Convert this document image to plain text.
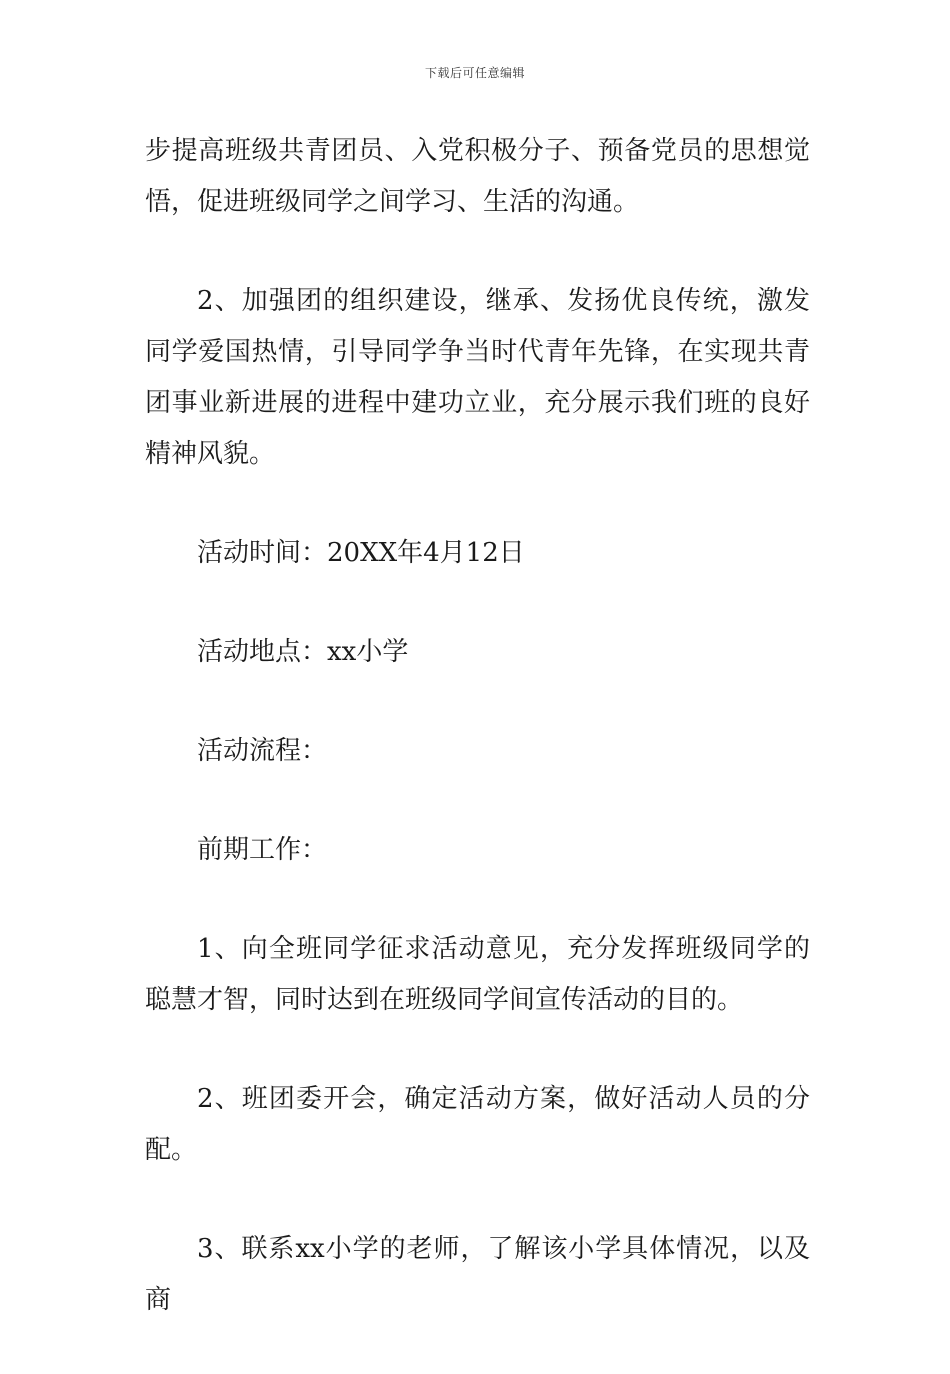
下载后可任意编辑

步提高班级共青团员、入党积极分子、预备党员的思想觉悟，促进班级同学之间学习、生活的沟通。

2、加强团的组织建设，继承、发扬优良传统，激发同学爱国热情，引导同学争当时代青年先锋，在实现共青团事业新进展的进程中建功立业，充分展示我们班的良好精神风貌。

活动时间：20XX年4月12日

活动地点：xx小学

活动流程：

前期工作：

1、向全班同学征求活动意见，充分发挥班级同学的聪慧才智，同时达到在班级同学间宣传活动的目的。

2、班团委开会，确定活动方案，做好活动人员的分配。

3、联系xx小学的老师，了解该小学具体情况，以及商
